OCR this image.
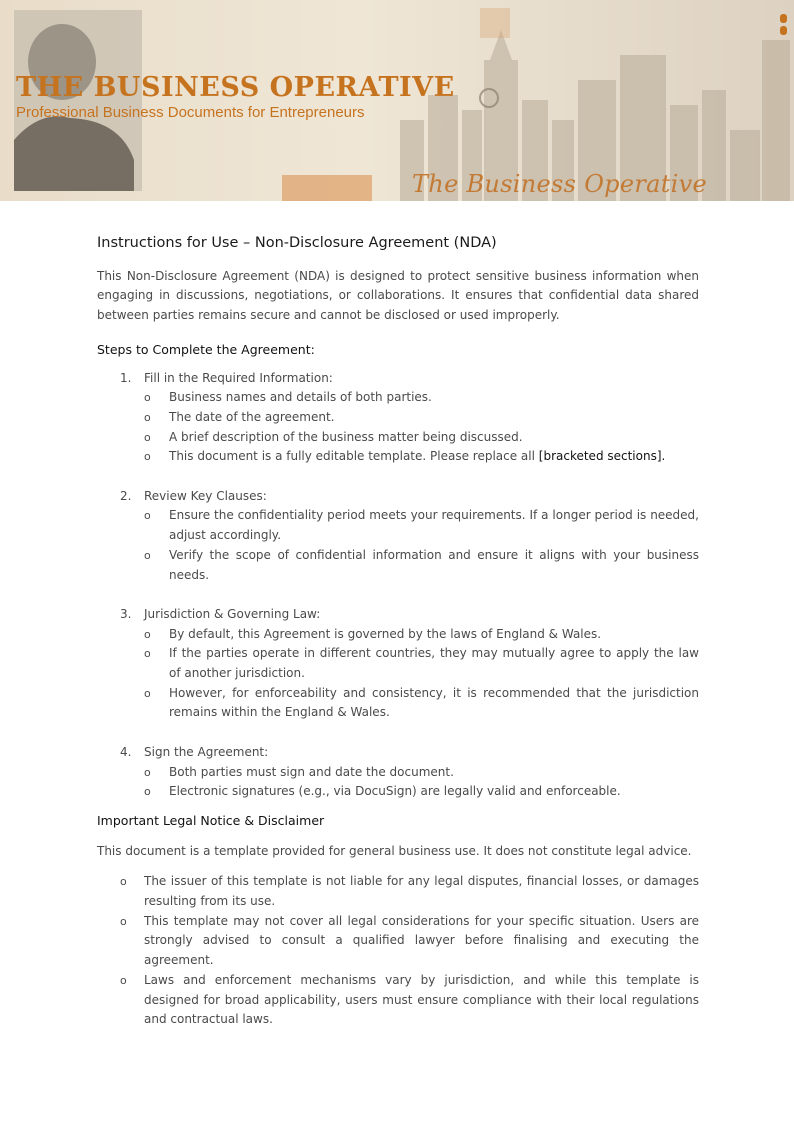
THE BUSINESS OPERATIVE
Professional Business Documents for Entrepreneurs
The Business Operative
Instructions for Use – Non-Disclosure Agreement (NDA)

This Non-Disclosure Agreement (NDA) is designed to protect sensitive business information when engaging in discussions, negotiations, or collaborations. It ensures that confidential data shared between parties remains secure and cannot be disclosed or used improperly.

Steps to Complete the Agreement:
1. Fill in the Required Information:
o Business names and details of both parties.
o The date of the agreement.
o A brief description of the business matter being discussed.
o This document is a fully editable template. Please replace all [bracketed sections].
2. Review Key Clauses:
o Ensure the confidentiality period meets your requirements. If a longer period is needed, adjust accordingly.
o Verify the scope of confidential information and ensure it aligns with your business needs.
3. Jurisdiction & Governing Law:
o By default, this Agreement is governed by the laws of England & Wales.
o If the parties operate in different countries, they may mutually agree to apply the law of another jurisdiction.
o However, for enforceability and consistency, it is recommended that the jurisdiction remains within the England & Wales.
4. Sign the Agreement:
o Both parties must sign and date the document.
o Electronic signatures (e.g., via DocuSign) are legally valid and enforceable.
Important Legal Notice & Disclaimer

This document is a template provided for general business use. It does not constitute legal advice.

o The issuer of this template is not liable for any legal disputes, financial losses, or damages resulting from its use.
o This template may not cover all legal considerations for your specific situation. Users are strongly advised to consult a qualified lawyer before finalising and executing the agreement.
o Laws and enforcement mechanisms vary by jurisdiction, and while this template is designed for broad applicability, users must ensure compliance with their local regulations and contractual laws.
